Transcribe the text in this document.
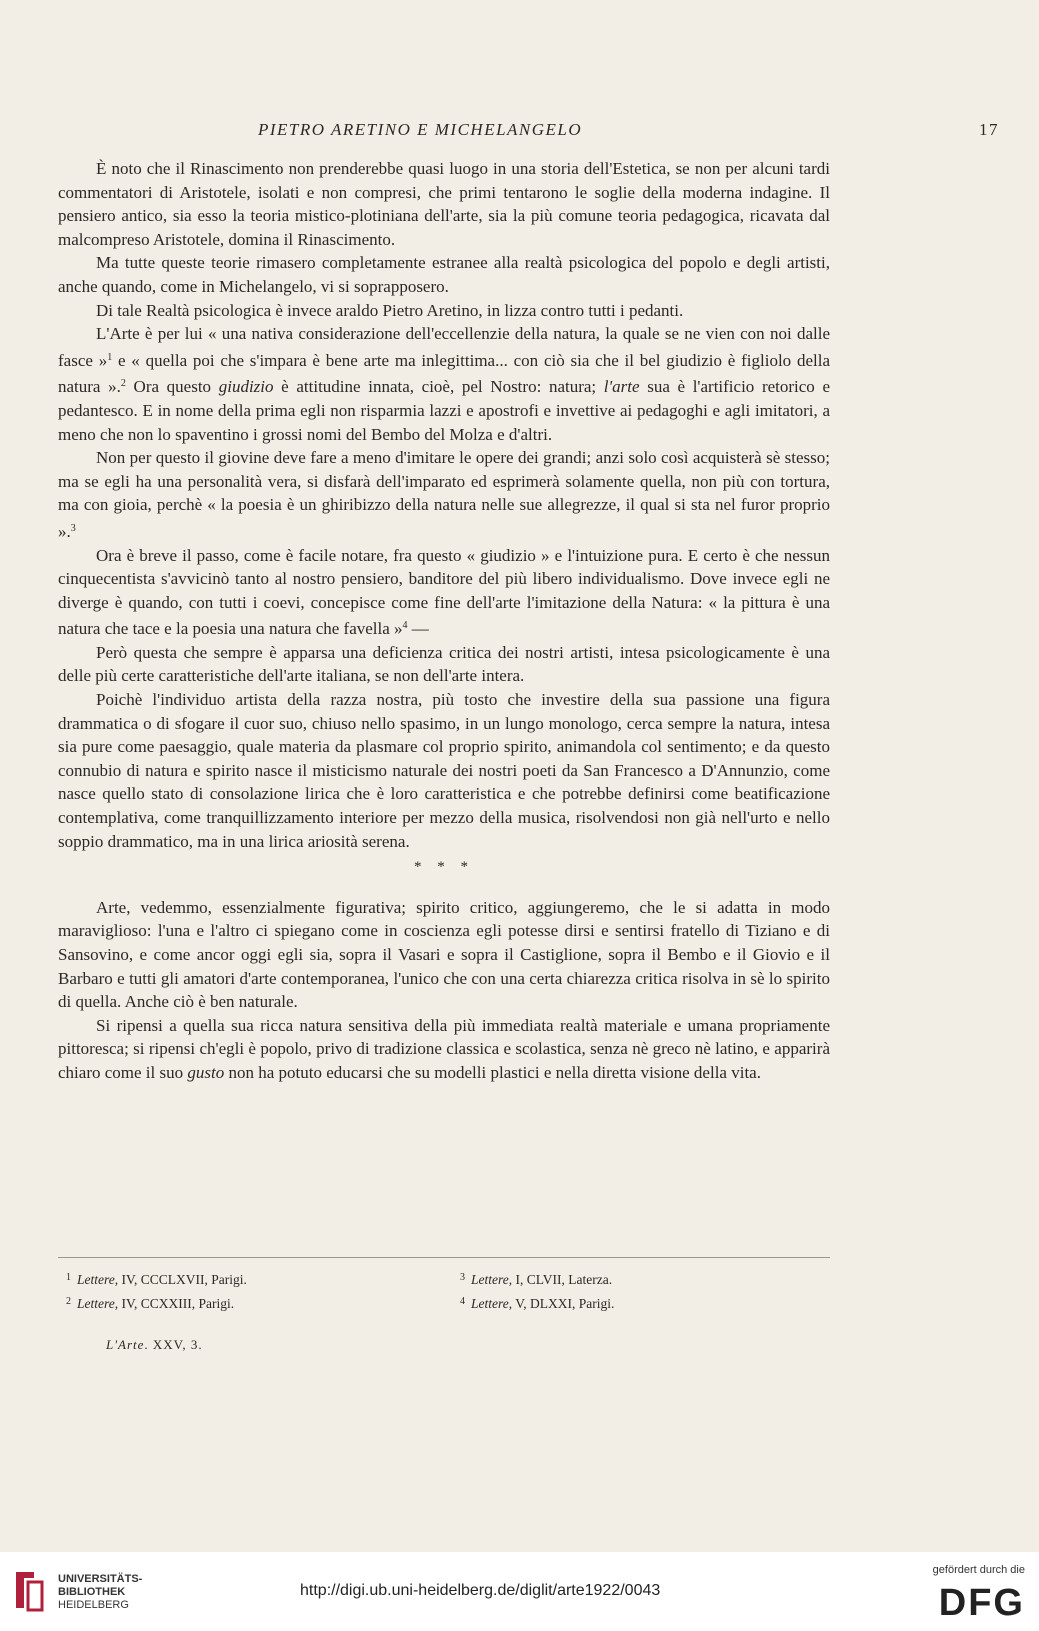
PIETRO ARETINO E MICHELANGELO	17

È noto che il Rinascimento non prenderebbe quasi luogo in una storia dell'Estetica, se non per alcuni tardi commentatori di Aristotele, isolati e non compresi, che primi tentarono le soglie della moderna indagine. Il pensiero antico, sia esso la teoria mistico-plotiniana dell'arte, sia la più comune teoria pedagogica, ricavata dal malcompreso Aristotele, domina il Rinascimento.

Ma tutte queste teorie rimasero completamente estranee alla realtà psicologica del popolo e degli artisti, anche quando, come in Michelangelo, vi si soprapposero.

Di tale Realtà psicologica è invece araldo Pietro Aretino, in lizza contro tutti i pedanti.

L'Arte è per lui « una nativa considerazione dell'eccellenzie della natura, la quale se ne vien con noi dalle fasce »$^1$ e « quella poi che s'impara è bene arte ma inlegittima... con ciò sia che il bel giudizio è figliolo della natura ».$^2$ Ora questo giudizio è attitudine innata, cioè, pel Nostro: natura; l'arte sua è l'artificio retorico e pedantesco. E in nome della prima egli non risparmia lazzi e apostrofi e invettive ai pedagoghi e agli imitatori, a meno che non lo spaventino i grossi nomi del Bembo del Molza e d'altri.

Non per questo il giovine deve fare a meno d'imitare le opere dei grandi; anzi solo così acquisterà sè stesso; ma se egli ha una personalità vera, si disfarà dell'imparato ed esprimerà solamente quella, non più con tortura, ma con gioia, perchè « la poesia è un ghiribizzo della natura nelle sue allegrezze, il qual si sta nel furor proprio ».$^3$

Ora è breve il passo, come è facile notare, fra questo « giudizio » e l'intuizione pura. E certo è che nessun cinquecentista s'avvicinò tanto al nostro pensiero, banditore del più libero individualismo. Dove invece egli ne diverge è quando, con tutti i coevi, concepisce come fine dell'arte l'imitazione della Natura: « la pittura è una natura che tace e la poesia una natura che favella »$^4$ —

Però questa che sempre è apparsa una deficienza critica dei nostri artisti, intesa psicologicamente è una delle più certe caratteristiche dell'arte italiana, se non dell'arte intera.

Poichè l'individuo artista della razza nostra, più tosto che investire della sua passione una figura drammatica o di sfogare il cuor suo, chiuso nello spasimo, in un lungo monologo, cerca sempre la natura, intesa sia pure come paesaggio, quale materia da plasmare col proprio spirito, animandola col sentimento; e da questo connubio di natura e spirito nasce il misticismo naturale dei nostri poeti da San Francesco a D'Annunzio, come nasce quello stato di consolazione lirica che è loro caratteristica e che potrebbe definirsi come beatificazione contemplativa, come tranquillizzamento interiore per mezzo della musica, risolvendosi non già nell'urto e nello soppio drammatico, ma in una lirica ariosità serena.

* * *

Arte, vedemmo, essenzialmente figurativa; spirito critico, aggiungeremo, che le si adatta in modo maraviglioso: l'una e l'altro ci spiegano come in coscienza egli potesse dirsi e sentirsi fratello di Tiziano e di Sansovino, e come ancor oggi egli sia, sopra il Vasari e sopra il Castiglione, sopra il Bembo e il Giovio e il Barbaro e tutti gli amatori d'arte contemporanea, l'unico che con una certa chiarezza critica risolva in sè lo spirito di quella. Anche ciò è ben naturale.

Si ripensi a quella sua ricca natura sensitiva della più immediata realtà materiale e umana propriamente pittoresca; si ripensi ch'egli è popolo, privo di tradizione classica e scolastica, senza nè greco nè latino, e apparirà chiaro come il suo gusto non ha potuto educarsi che su modelli plastici e nella diretta visione della vita.

$^1$ Lettere, IV, CCCLXVII, Parigi.
$^2$ Lettere, IV, CCXXIII, Parigi.
$^3$ Lettere, I, CLVII, Laterza.
$^4$ Lettere, V, DLXXI, Parigi.
L'Arte. XXV, 3.
UNIVERSITÄTS-
BIBLIOTHEK
HEIDELBERG
http://digi.ub.uni-heidelberg.de/diglit/arte1922/0043
gefördert durch die
DFG
